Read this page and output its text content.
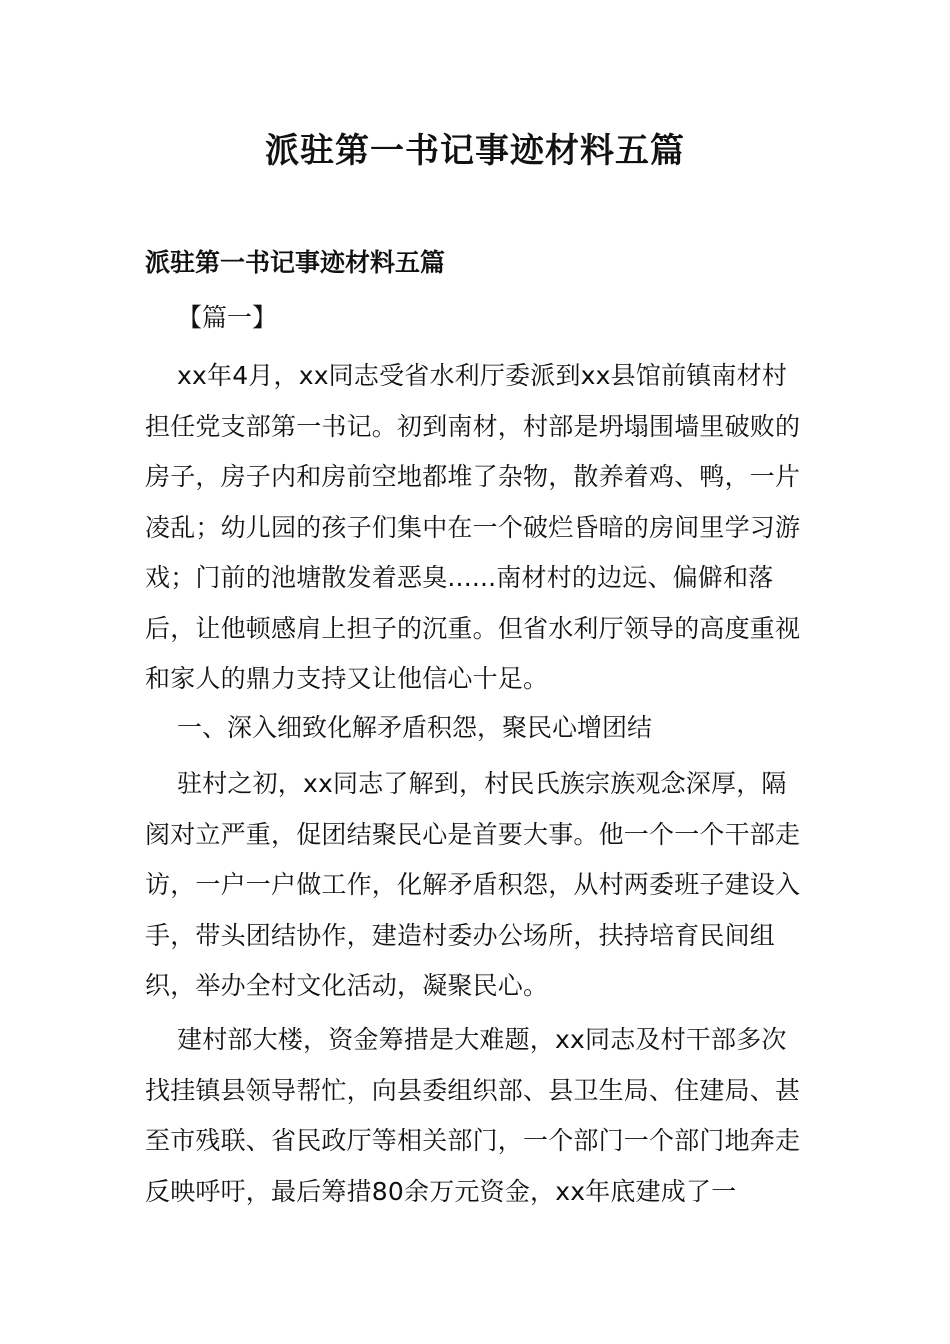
派驻第一书记事迹材料五篇
派驻第一书记事迹材料五篇
【篇一】

xx年4月，xx同志受省水利厅委派到xx县馆前镇南材村担任党支部第一书记。初到南材，村部是坍塌围墙里破败的房子，房子内和房前空地都堆了杂物，散养着鸡、鸭，一片凌乱；幼儿园的孩子们集中在一个破烂昏暗的房间里学习游戏；门前的池塘散发着恶臭......南材村的边远、偏僻和落后，让他顿感肩上担子的沉重。但省水利厅领导的高度重视和家人的鼎力支持又让他信心十足。

一、深入细致化解矛盾积怨，聚民心增团结

驻村之初，xx同志了解到，村民氏族宗族观念深厚，隔阂对立严重，促团结聚民心是首要大事。他一个一个干部走访，一户一户做工作，化解矛盾积怨，从村两委班子建设入手，带头团结协作，建造村委办公场所，扶持培育民间组织，举办全村文化活动，凝聚民心。

建村部大楼，资金筹措是大难题，xx同志及村干部多次找挂镇县领导帮忙，向县委组织部、县卫生局、住建局、甚至市残联、省民政厅等相关部门，一个部门一个部门地奔走反映呼吁，最后筹措80余万元资金，xx年底建成了一
